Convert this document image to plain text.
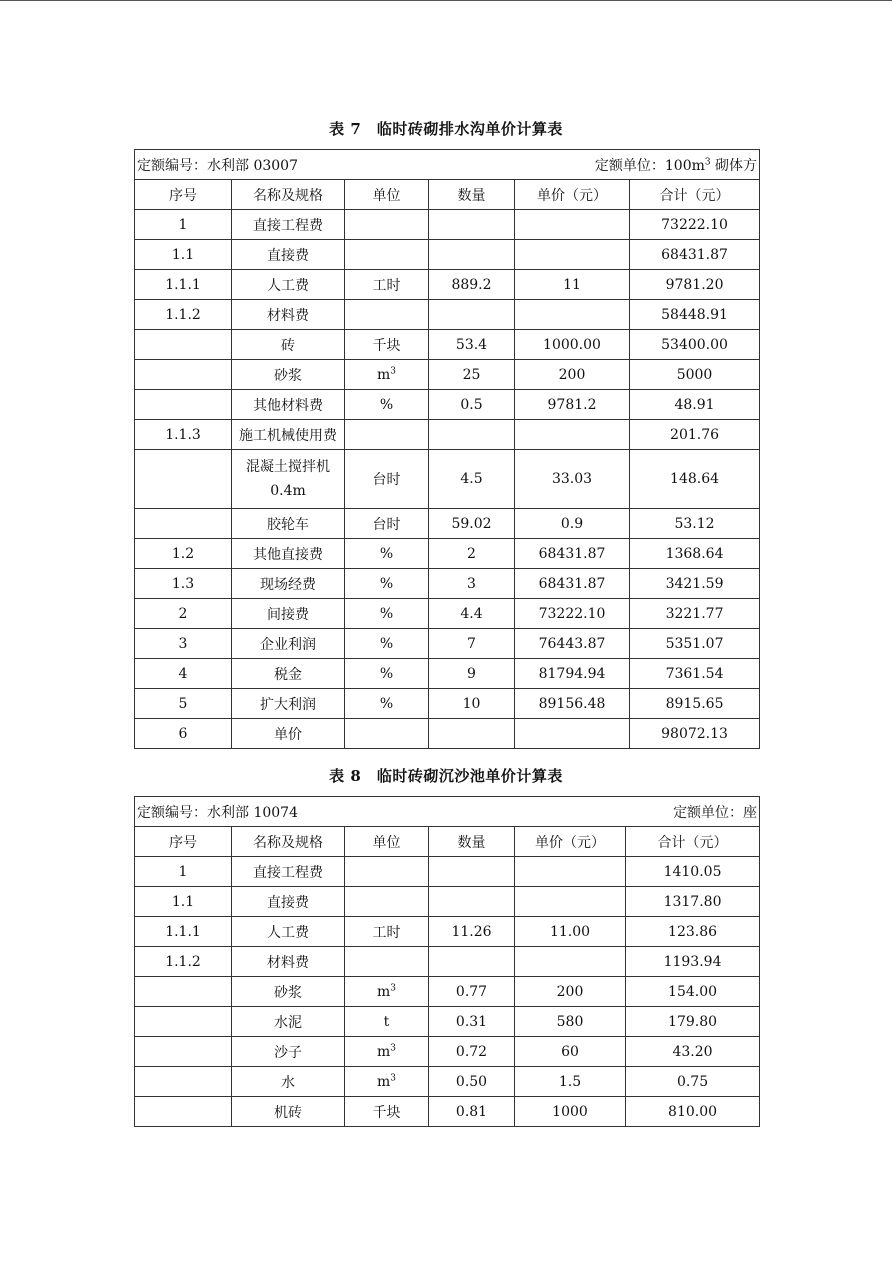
表 7　临时砖砌排水沟单价计算表
定额编号：水利部 03007 定额单位：$100m^3$ 砌体方					

序号	名称及规格	单位	数量	单价（元）	合计（元）
1	直接工程费				73222.10
1.1	直接费				68431.87
1.1.1	人工费	工时	889.2	11	9781.20
1.1.2	材料费				58448.91
	砖	千块	53.4	1000.00	53400.00
	砂浆	$m^3$	25	200	5000
	其他材料费	%	0.5	9781.2	48.91
1.1.3	施工机械使用费				201.76
	混凝土搅拌机 0.4m	台时	4.5	33.03	148.64
	胶轮车	台时	59.02	0.9	53.12
1.2	其他直接费	%	2	68431.87	1368.64
1.3	现场经费	%	3	68431.87	3421.59
2	间接费	%	4.4	73222.10	3221.77
3	企业利润	%	7	76443.87	5351.07
4	税金	%	9	81794.94	7361.54
5	扩大利润	%	10	89156.48	8915.65
6	单价				98072.13
表 8　临时砖砌沉沙池单价计算表
定额编号：水利部 10074 定额单位：座					

序号	名称及规格	单位	数量	单价（元）	合计（元）
1	直接工程费				1410.05
1.1	直接费				1317.80
1.1.1	人工费	工时	11.26	11.00	123.86
1.1.2	材料费				1193.94
	砂浆	$m^3$	0.77	200	154.00
	水泥	t	0.31	580	179.80
	沙子	$m^3$	0.72	60	43.20
	水	$m^3$	0.50	1.5	0.75
	机砖	千块	0.81	1000	810.00
